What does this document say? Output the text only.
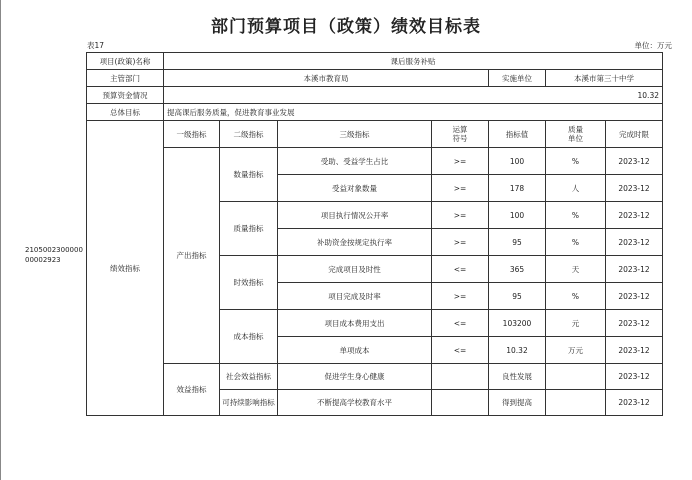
部门预算项目（政策）绩效目标表
表17	单位：万元
210500230000000002923
项目(政策)名称	课后服务补贴						
主管部门	本溪市教育局				实施单位	本溪市第三十中学	
预算资金情况	10.32						
总体目标	提高课后服务质量，促进教育事业发展						
绩效指标	一级指标	二级指标	三级指标	运算符号	指标值	质量单位	完成时限
	产出指标	数量指标	受助、受益学生占比	>=	100	%	2023-12
			受益对象数量	>=	178	人	2023-12
		质量指标	项目执行情况公开率	>=	100	%	2023-12
			补助资金按规定执行率	>=	95	%	2023-12
		时效指标	完成项目及时性	<=	365	天	2023-12
			项目完成及时率	>=	95	%	2023-12
		成本指标	项目成本费用支出	<=	103200	元	2023-12
			单项成本	<=	10.32	万元	2023-12
	效益指标	社会效益指标	促进学生身心健康		良性发展		2023-12
		可持续影响指标	不断提高学校教育水平		得到提高		2023-12
